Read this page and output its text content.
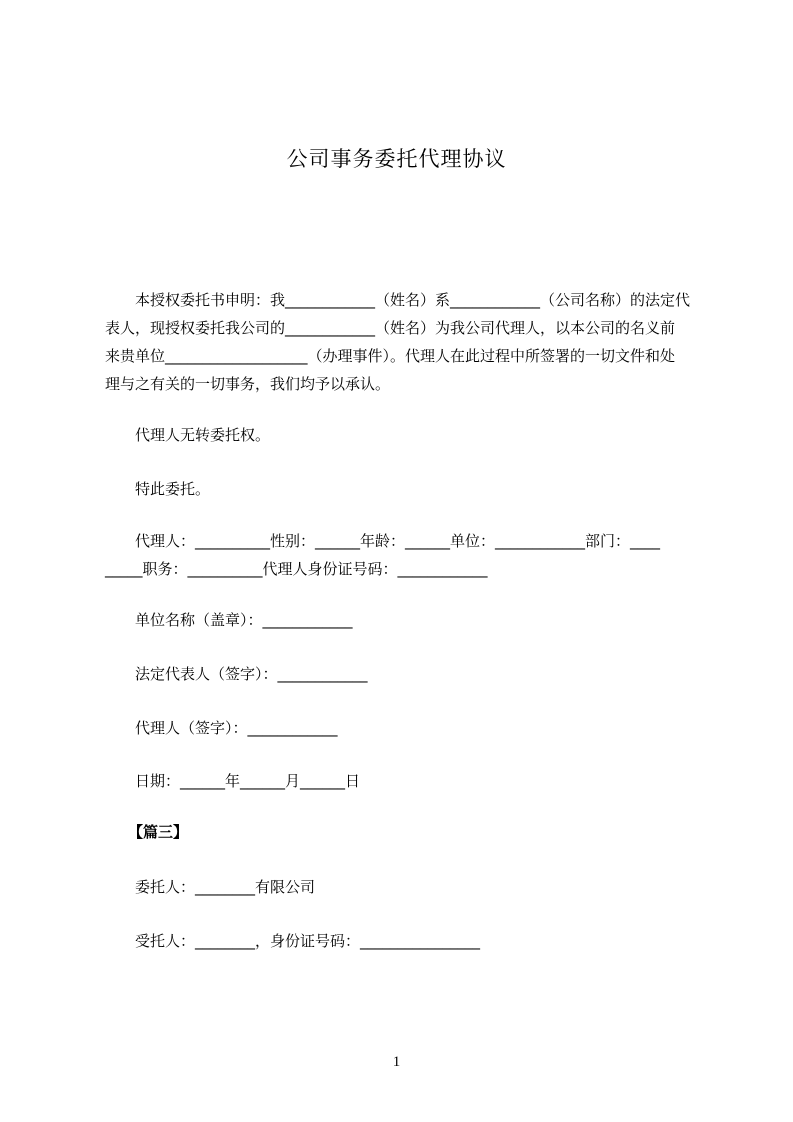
公司事务委托代理协议
　　本授权委托书申明：我____________（姓名）系____________（公司名称）的法定代
表人，现授权委托我公司的____________（姓名）为我公司代理人，以本公司的名义前
来贵单位___________________（办理事件）。代理人在此过程中所签署的一切文件和处
理与之有关的一切事务，我们均予以承认。
　　代理人无转委托权。
　　特此委托。
　　代理人：__________性别：______年龄：______单位：____________部门：____
_____职务：__________代理人身份证号码：____________
　　单位名称（盖章）：____________
　　法定代表人（签字）：____________
　　代理人（签字）：____________
　　日期：______年______月______日
【篇三】
　　委托人：________有限公司
　　受托人：________，身份证号码：________________
1
